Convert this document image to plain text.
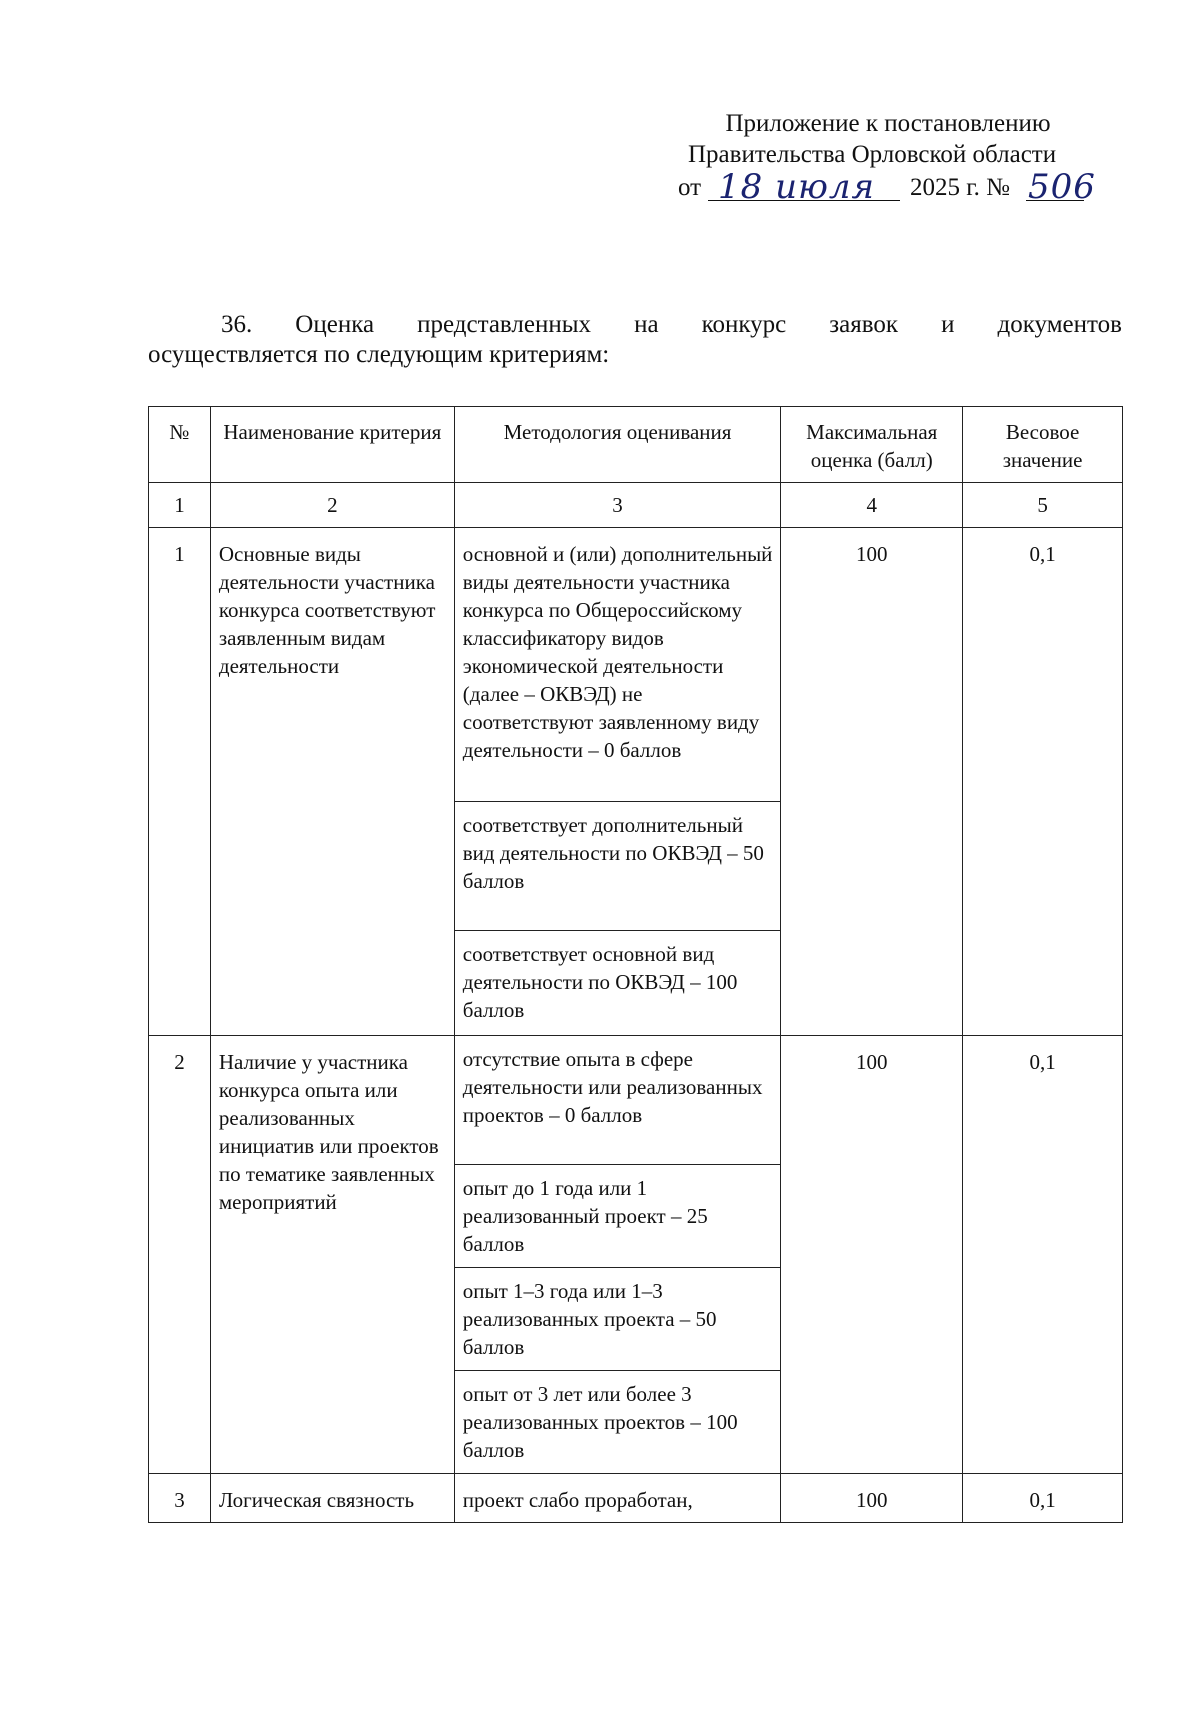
Приложение к постановлению
Правительства Орловской области
от 18 июля 2025 г. № 506
36. Оценка представленных на конкурс заявок и документов
осуществляется по следующим критериям:
№	Наименование критерия	Методология оценивания	Максимальная оценка (балл)	Весовое значение
1	2	3	4	5
1	Основные виды деятельности участника конкурса соответствуют заявленным видам деятельности	основной и (или) дополнительный виды деятельности участника конкурса по Общероссийскому классификатору видов экономической деятельности (далее – ОКВЭД) не соответствуют заявленному виду деятельности – 0 баллов	100	0,1
		соответствует дополнительный вид деятельности по ОКВЭД – 50 баллов		
		соответствует основной вид деятельности по ОКВЭД – 100 баллов		
2	Наличие у участника конкурса опыта или реализованных инициатив или проектов по тематике заявленных мероприятий	отсутствие опыта в сфере деятельности или реализованных проектов – 0 баллов	100	0,1
		опыт до 1 года или 1 реализованный проект – 25 баллов		
		опыт 1–3 года или 1–3 реализованных проекта – 50 баллов		
		опыт от 3 лет или более 3 реализованных проектов – 100 баллов		
3	Логическая связность	проект слабо проработан,	100	0,1
